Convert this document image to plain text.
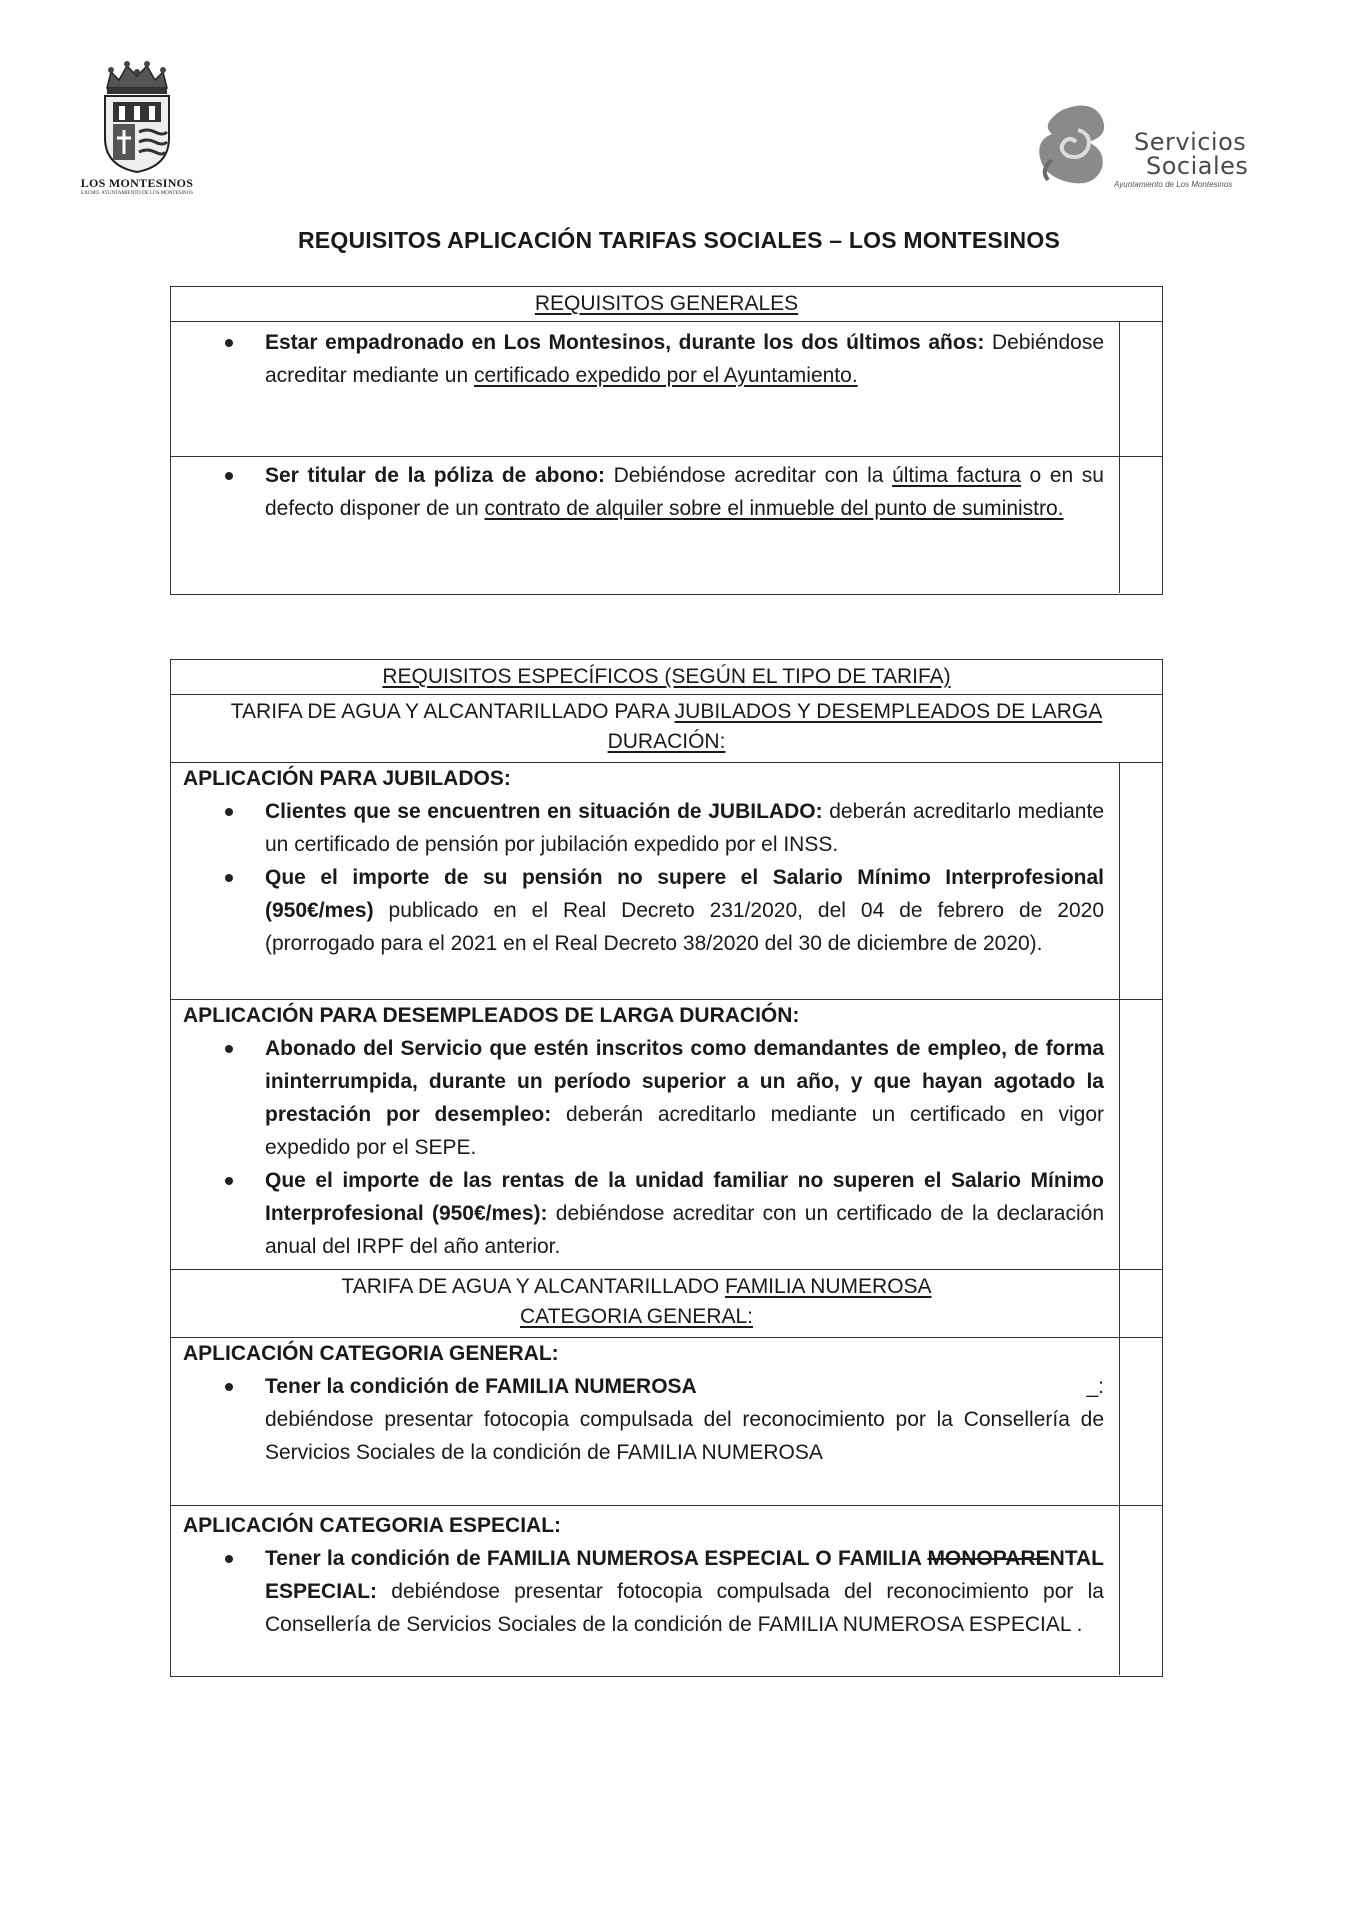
LOS MONTESINOS
EXCMO. AYUNTAMIENTO DE LOS MONTESINOS
Servicios
Sociales
Ayuntamiento de Los Montesinos
REQUISITOS APLICACIÓN TARIFAS SOCIALES – LOS MONTESINOS
REQUISITOS GENERALES
Estar empadronado en Los Montesinos, durante los dos últimos años: Debiéndose acreditar mediante un certificado expedido por el Ayuntamiento.
Ser titular de la póliza de abono: Debiéndose acreditar con la última factura o en su defecto disponer de un contrato de alquiler sobre el inmueble del punto de suministro.
REQUISITOS ESPECÍFICOS (SEGÚN EL TIPO DE TARIFA)
TARIFA DE AGUA Y ALCANTARILLADO PARA JUBILADOS Y DESEMPLEADOS DE LARGA DURACIÓN:
APLICACIÓN PARA JUBILADOS:
Clientes que se encuentren en situación de JUBILADO: deberán acreditarlo mediante un certificado de pensión por jubilación expedido por el INSS.
Que el importe de su pensión no supere el Salario Mínimo Interprofesional (950€/mes) publicado en el Real Decreto 231/2020, del 04 de febrero de 2020 (prorrogado para el 2021 en el Real Decreto 38/2020 del 30 de diciembre de 2020).
APLICACIÓN PARA DESEMPLEADOS DE LARGA DURACIÓN:
Abonado del Servicio que estén inscritos como demandantes de empleo, de forma ininterrumpida, durante un período superior a un año, y que hayan agotado la prestación por desempleo: deberán acreditarlo mediante un certificado en vigor expedido por el SEPE.
Que el importe de las rentas de la unidad familiar no superen el Salario Mínimo Interprofesional (950€/mes): debiéndose acreditar con un certificado de la declaración anual del IRPF del año anterior.
TARIFA DE AGUA Y ALCANTARILLADO FAMILIA NUMEROSA
CATEGORIA GENERAL:
APLICACIÓN CATEGORIA GENERAL:
Tener la condición de FAMILIA NUMEROSA	_:

debiéndose presentar fotocopia compulsada del reconocimiento por la Consellería de Servicios Sociales de la condición de FAMILIA NUMEROSA
APLICACIÓN CATEGORIA ESPECIAL:
Tener la condición de FAMILIA NUMEROSA ESPECIAL O FAMILIA MONOPARENTAL ESPECIAL: debiéndose presentar fotocopia compulsada del reconocimiento por la Consellería de Servicios Sociales de la condición de FAMILIA NUMEROSA ESPECIAL .
